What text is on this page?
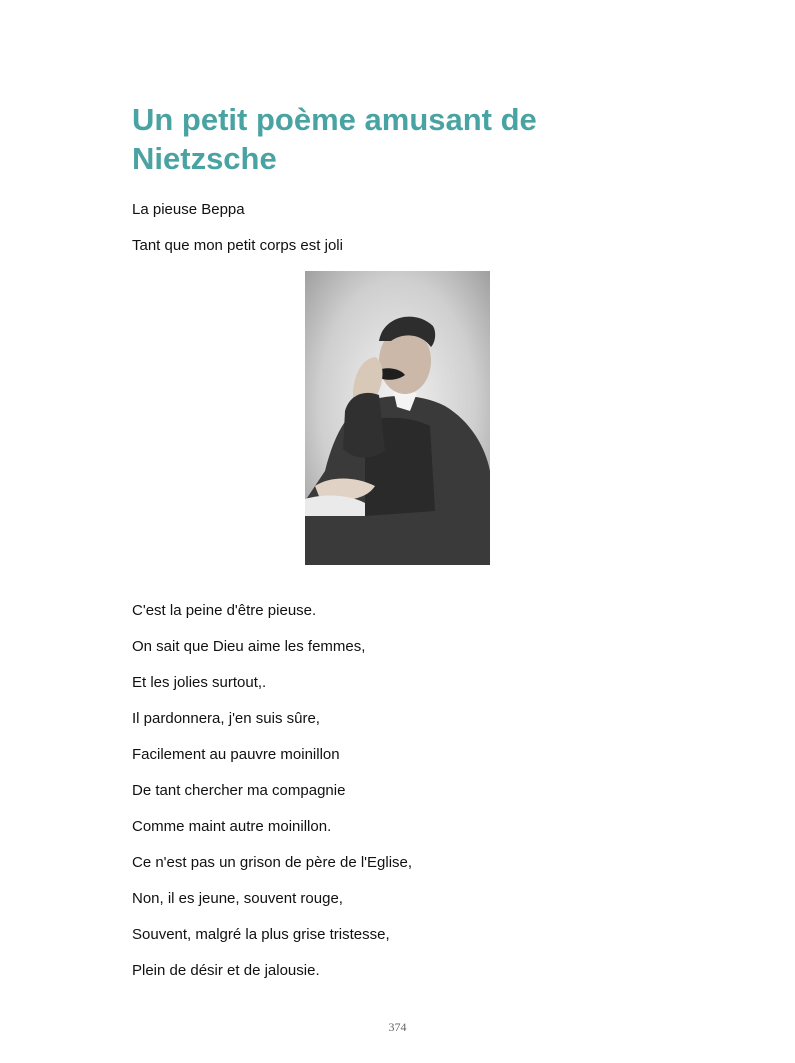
Un petit poème amusant de Nietzsche

La pieuse Beppa

Tant que mon petit corps est joli

C'est la peine d'être pieuse.

On sait que Dieu aime les femmes,

Et les jolies surtout,.

Il pardonnera, j'en suis sûre,

Facilement au pauvre moinillon

De tant chercher ma compagnie

Comme maint autre moinillon.

Ce n'est pas un grison de père de l'Eglise,

Non, il es jeune, souvent rouge,

Souvent, malgré la plus grise tristesse,

Plein de désir et de jalousie.

374
